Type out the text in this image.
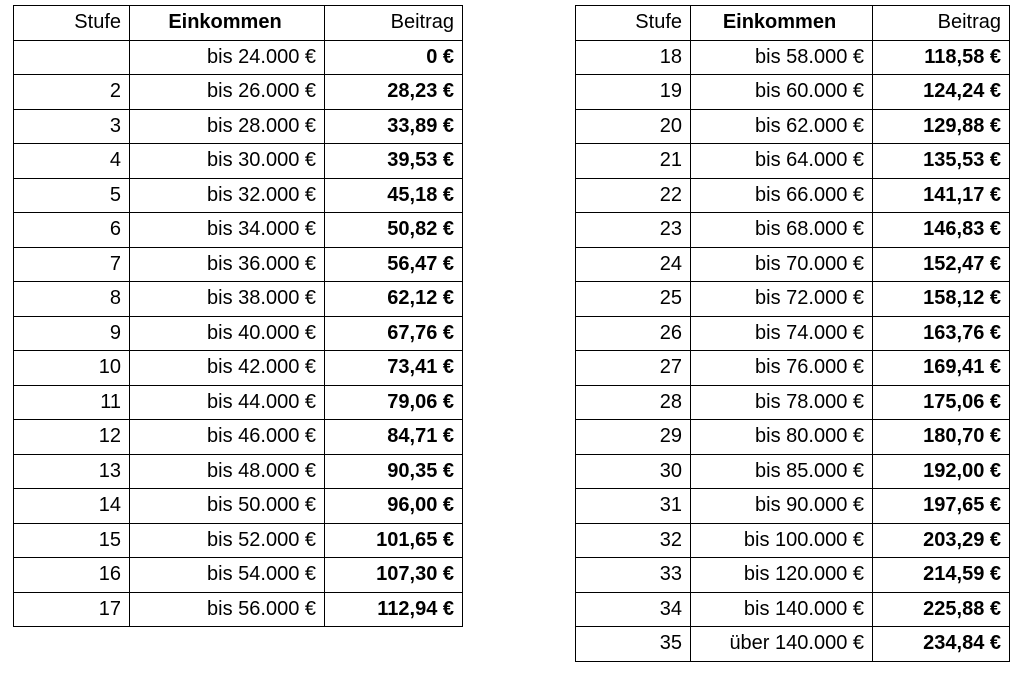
Stufe	Einkommen	Beitrag
	bis 24.000 €	0 €
2	bis 26.000 €	28,23 €
3	bis 28.000 €	33,89 €
4	bis 30.000 €	39,53 €
5	bis 32.000 €	45,18 €
6	bis 34.000 €	50,82 €
7	bis 36.000 €	56,47 €
8	bis 38.000 €	62,12 €
9	bis 40.000 €	67,76 €
10	bis 42.000 €	73,41 €
11	bis 44.000 €	79,06 €
12	bis 46.000 €	84,71 €
13	bis 48.000 €	90,35 €
14	bis 50.000 €	96,00 €
15	bis 52.000 €	101,65 €
16	bis 54.000 €	107,30 €
17	bis 56.000 €	112,94 €
Stufe	Einkommen	Beitrag
18	bis 58.000 €	118,58 €
19	bis 60.000 €	124,24 €
20	bis 62.000 €	129,88 €
21	bis 64.000 €	135,53 €
22	bis 66.000 €	141,17 €
23	bis 68.000 €	146,83 €
24	bis 70.000 €	152,47 €
25	bis 72.000 €	158,12 €
26	bis 74.000 €	163,76 €
27	bis 76.000 €	169,41 €
28	bis 78.000 €	175,06 €
29	bis 80.000 €	180,70 €
30	bis 85.000 €	192,00 €
31	bis 90.000 €	197,65 €
32	bis 100.000 €	203,29 €
33	bis 120.000 €	214,59 €
34	bis 140.000 €	225,88 €
35	über 140.000 €	234,84 €
